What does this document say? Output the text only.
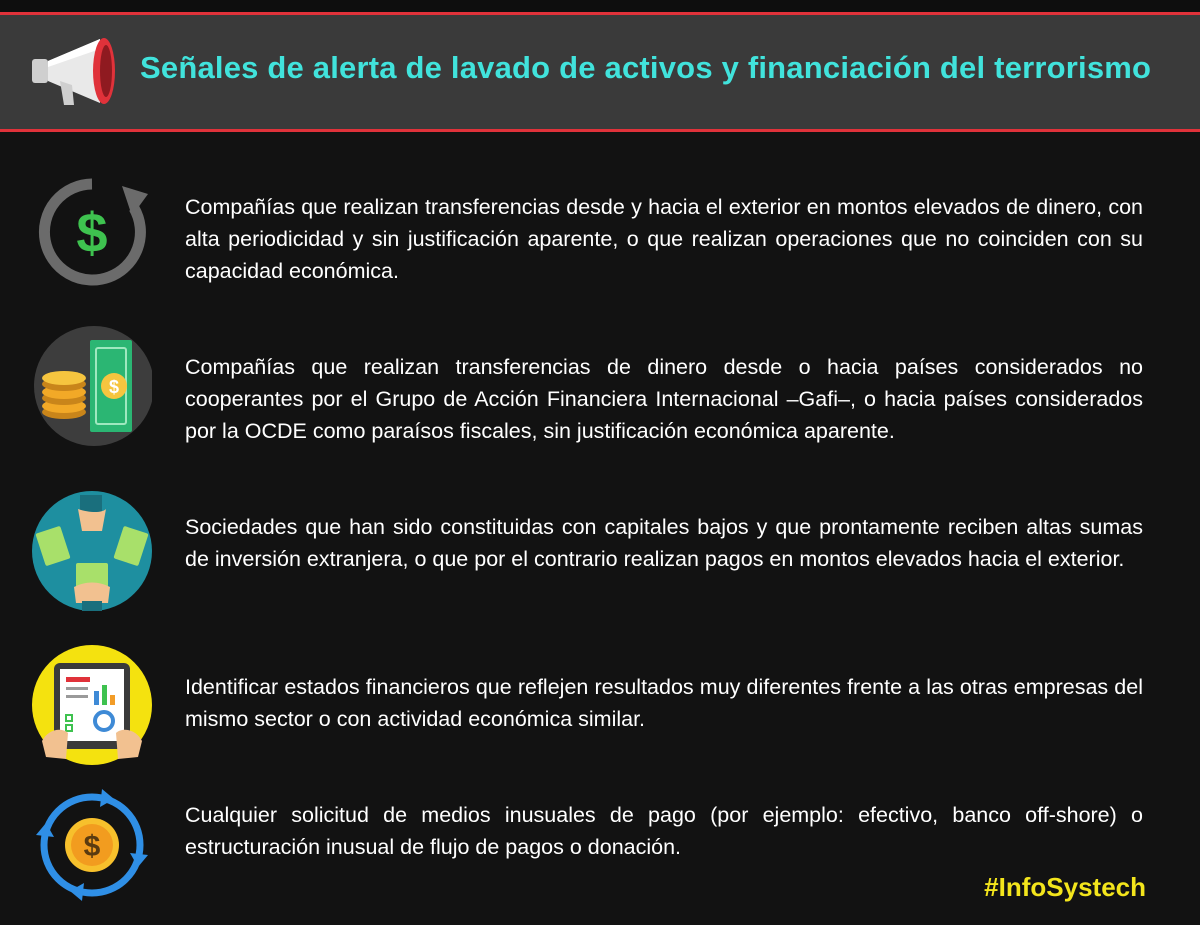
Señales de alerta de lavado de activos y financiación del terrorismo
$	Compañías que realizan transferencias desde y hacia el exterior en montos elevados de dinero, con alta periodicidad y sin justificación aparente, o que realizan operaciones que no coinciden con su capacidad económica.
$
Compañías que realizan transferencias de dinero desde o hacia países considerados no cooperantes por el Grupo de Acción Financiera Internacional –Gafi–, o hacia países considerados por la OCDE como paraísos fiscales, sin justificación económica aparente.
Sociedades que han sido constituidas con capitales bajos y que prontamente reciben altas sumas de inversión extranjera, o que por el contrario realizan pagos en montos elevados hacia el exterior.
Identificar estados financieros que reflejen resultados muy diferentes frente a las otras empresas del mismo sector o con actividad económica similar.
$
Cualquier solicitud de medios inusuales de pago (por ejemplo: efectivo, banco off-shore) o estructuración inusual de flujo de pagos o donación.
#InfoSystech
